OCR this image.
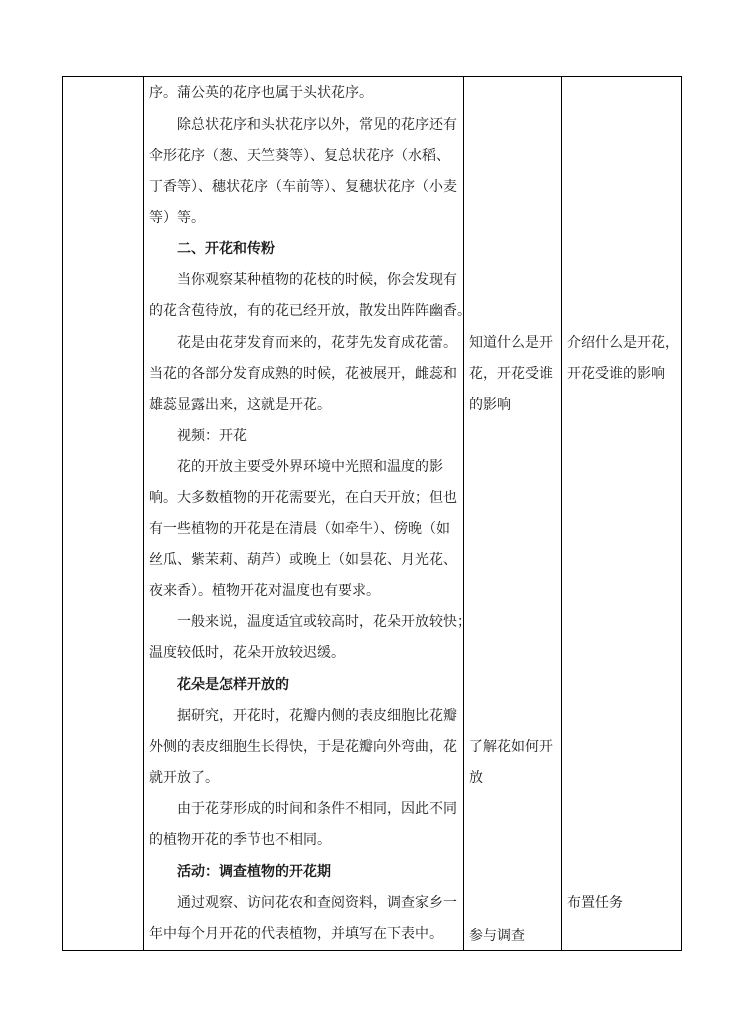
序。蒲公英的花序也属于头状花序。
除总状花序和头状花序以外，常见的花序还有
伞形花序（葱、天竺葵等）、复总状花序（水稻、
丁香等）、穗状花序（车前等）、复穗状花序（小麦
等）等。
二、开花和传粉
当你观察某种植物的花枝的时候，你会发现有
的花含苞待放，有的花已经开放，散发出阵阵幽香。
花是由花芽发育而来的，花芽先发育成花蕾。
当花的各部分发育成熟的时候，花被展开，雌蕊和
雄蕊显露出来，这就是开花。
视频：开花
花的开放主要受外界环境中光照和温度的影
响。大多数植物的开花需要光，在白天开放；但也
有一些植物的开花是在清晨（如牵牛）、傍晚（如
丝瓜、紫茉莉、葫芦）或晚上（如昙花、月光花、
夜来香）。植物开花对温度也有要求。
一般来说，温度适宜或较高时，花朵开放较快；
温度较低时，花朵开放较迟缓。
花朵是怎样开放的
据研究，开花时，花瓣内侧的表皮细胞比花瓣
外侧的表皮细胞生长得快，于是花瓣向外弯曲，花
就开放了。
由于花芽形成的时间和条件不相同，因此不同
的植物开花的季节也不相同。
活动：调查植物的开花期
通过观察、访问花农和查阅资料，调查家乡一
年中每个月开花的代表植物，并填写在下表中。
知道什么是开
花，开花受谁
的影响
了解花如何开
放
参与调查
介绍什么是开花，
开花受谁的影响
布置任务
